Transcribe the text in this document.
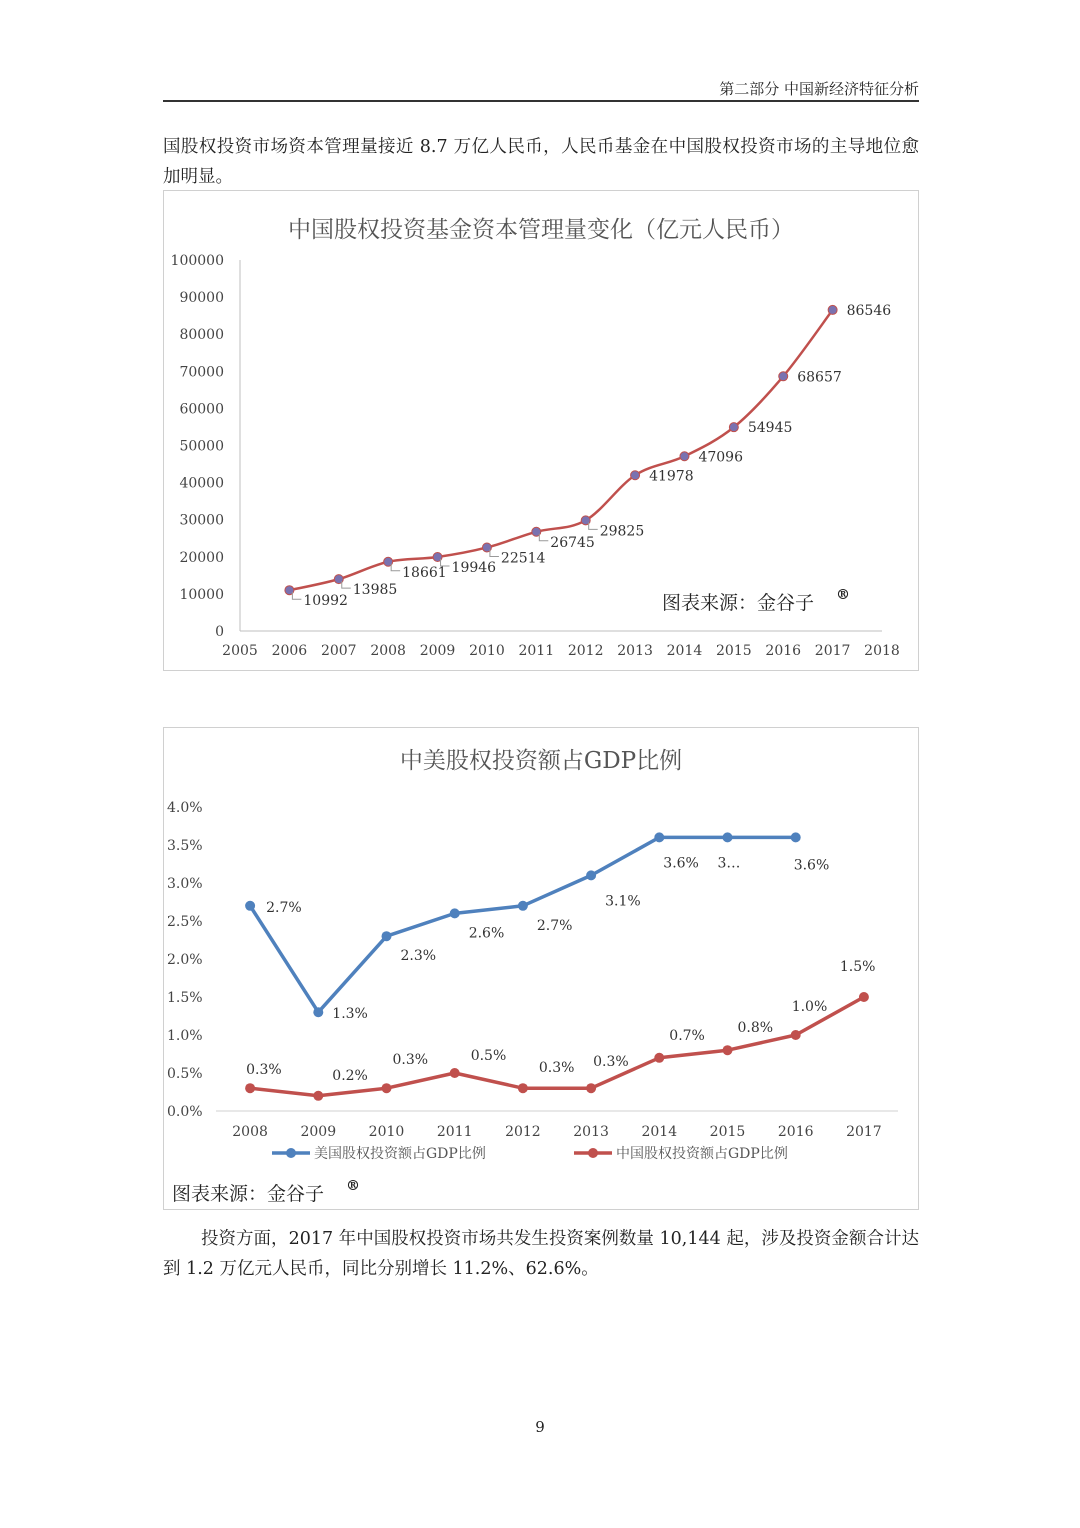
第二部分 中国新经济特征分析
国股权投资市场资本管理量接近 8.7 万亿人民币，人民币基金在中国股权投资市场的主导地位愈加明显。
中国股权投资基金资本管理量变化（亿元人民币）
0
10000
20000
30000
40000
50000
60000
70000
80000
90000
100000
2005 2006 2007 2008 2009 2010 2011 2012 2013 2014 2015 2016 2017 2018
10992
13985
18661 19946
22514
26745
29825
41978
47096
54945
68657
86546
图表来源：金谷子 ®
中美股权投资额占GDP比例
0.0%
0.5%
1.0%
1.5%
2.0%
2.5%
3.0%
3.5%
4.0%
2008 2009 2010 2011 2012 2013 2014 2015 2016 2017
2.7%
1.3%
2.3%
2.6% 2.7%
3.1%
3.6% 3…	3.6%
0.3%	0.2%
0.3%	0.5%
0.3% 0.3%
0.7% 0.8%
1.0%
1.5%
美国股权投资额占GDP比例	中国股权投资额占GDP比例
图表来源：金谷子 ®
投资方面，2017 年中国股权投资市场共发生投资案例数量 10,144 起，涉及投资金额合计达到 1.2 万亿元人民币，同比分别增长 11.2%、62.6%。
9
